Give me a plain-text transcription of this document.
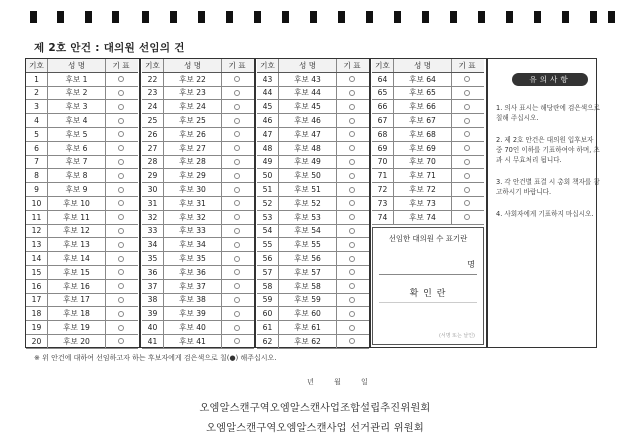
제 2호 안건 : 대의원 선임의 건
선임한 대의원 수 표기란
명
확 인 란
(서명 또는 날인)
유의사항
1. 의사 표시는 해당란에 검은색으로 칠해 주십시오.
2. 제 2호 안건은 대의원 입후보자 중 70인 이하를 기표하여야 하며, 초과 시 무효처리 됩니다.
3. 각 안건별 표결 시 총회 책자를 참고하시기 바랍니다.
4. 사회자에게 기표하지 마십시오.
기호	성 명	기 표
1	후보 1
2	후보 2
3	후보 3
4	후보 4
5	후보 5
6	후보 6
7	후보 7
8	후보 8
9	후보 9
10	후보 10
11	후보 11
12	후보 12
13	후보 13
14	후보 14
15	후보 15
16	후보 16
17	후보 17
18	후보 18
19	후보 19
20	후보 20
기호	성 명	기 표
22	후보 22
23	후보 23
24	후보 24
25	후보 25
26	후보 26
27	후보 27
28	후보 28
29	후보 29
30	후보 30
31	후보 31
32	후보 32
33	후보 33
34	후보 34
35	후보 35
36	후보 36
37	후보 37
38	후보 38
39	후보 39
40	후보 40
41	후보 41
기호	성 명	기 표
43	후보 43
44	후보 44
45	후보 45
46	후보 46
47	후보 47
48	후보 48
49	후보 49
50	후보 50
51	후보 51
52	후보 52
53	후보 53
54	후보 54
55	후보 55
56	후보 56
57	후보 57
58	후보 58
59	후보 59
60	후보 60
61	후보 61
62	후보 62
기호	성 명	기 표
64	후보 64
65	후보 65
66	후보 66
67	후보 67
68	후보 68
69	후보 69
70	후보 70
71	후보 71
72	후보 72
73	후보 73
74	후보 74
※ 위 안건에 대하여 선임하고자 하는 후보자에게 검은색으로 칠(●) 해주십시오.
년 월 일
오엠알스캔구역오엠알스캔사업조합설립추진위원회
오엠알스캔구역오엠알스캔사업 선거관리 위원회
